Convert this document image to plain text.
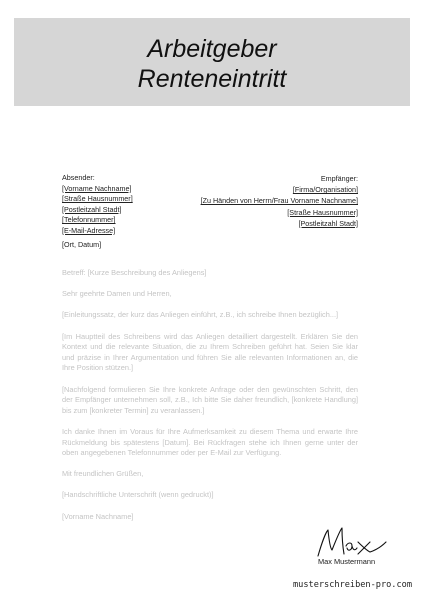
Arbeitgeber
Renteneintritt
Absender:
[Vorname Nachname]
[Straße Hausnummer]
[Postleitzahl Stadt]
[Telefonnummer]
[E-Mail-Adresse]
Empfänger:
[Firma/Organisation]
[Zu Händen von Herrn/Frau Vorname Nachname]
[Straße Hausnummer]
[Postleitzahl Stadt]
[Ort, Datum]

Betreff: [Kurze Beschreibung des Anliegens]

Sehr geehrte Damen und Herren,

[Einleitungssatz, der kurz das Anliegen einführt, z.B., ich schreibe Ihnen bezüglich...]

[Im Hauptteil des Schreibens wird das Anliegen detailliert dargestellt. Erklären Sie den Kontext und die relevante Situation, die zu Ihrem Schreiben geführt hat. Seien Sie klar und präzise in Ihrer Argumentation und führen Sie alle relevanten Informationen an, die Ihre Position stützen.]

[Nachfolgend formulieren Sie Ihre konkrete Anfrage oder den gewünschten Schritt, den der Empfänger unternehmen soll, z.B., Ich bitte Sie daher freundlich, [konkrete Handlung] bis zum [konkreter Termin] zu veranlassen.]

Ich danke Ihnen im Voraus für Ihre Aufmerksamkeit zu diesem Thema und erwarte Ihre Rückmeldung bis spätestens [Datum]. Bei Rückfragen stehe ich Ihnen gerne unter der oben angegebenen Telefonnummer oder per E-Mail zur Verfügung.

Mit freundlichen Grüßen,

[Handschriftliche Unterschrift (wenn gedruckt)]

[Vorname Nachname]

Max Mustermann
musterschreiben-pro.com
